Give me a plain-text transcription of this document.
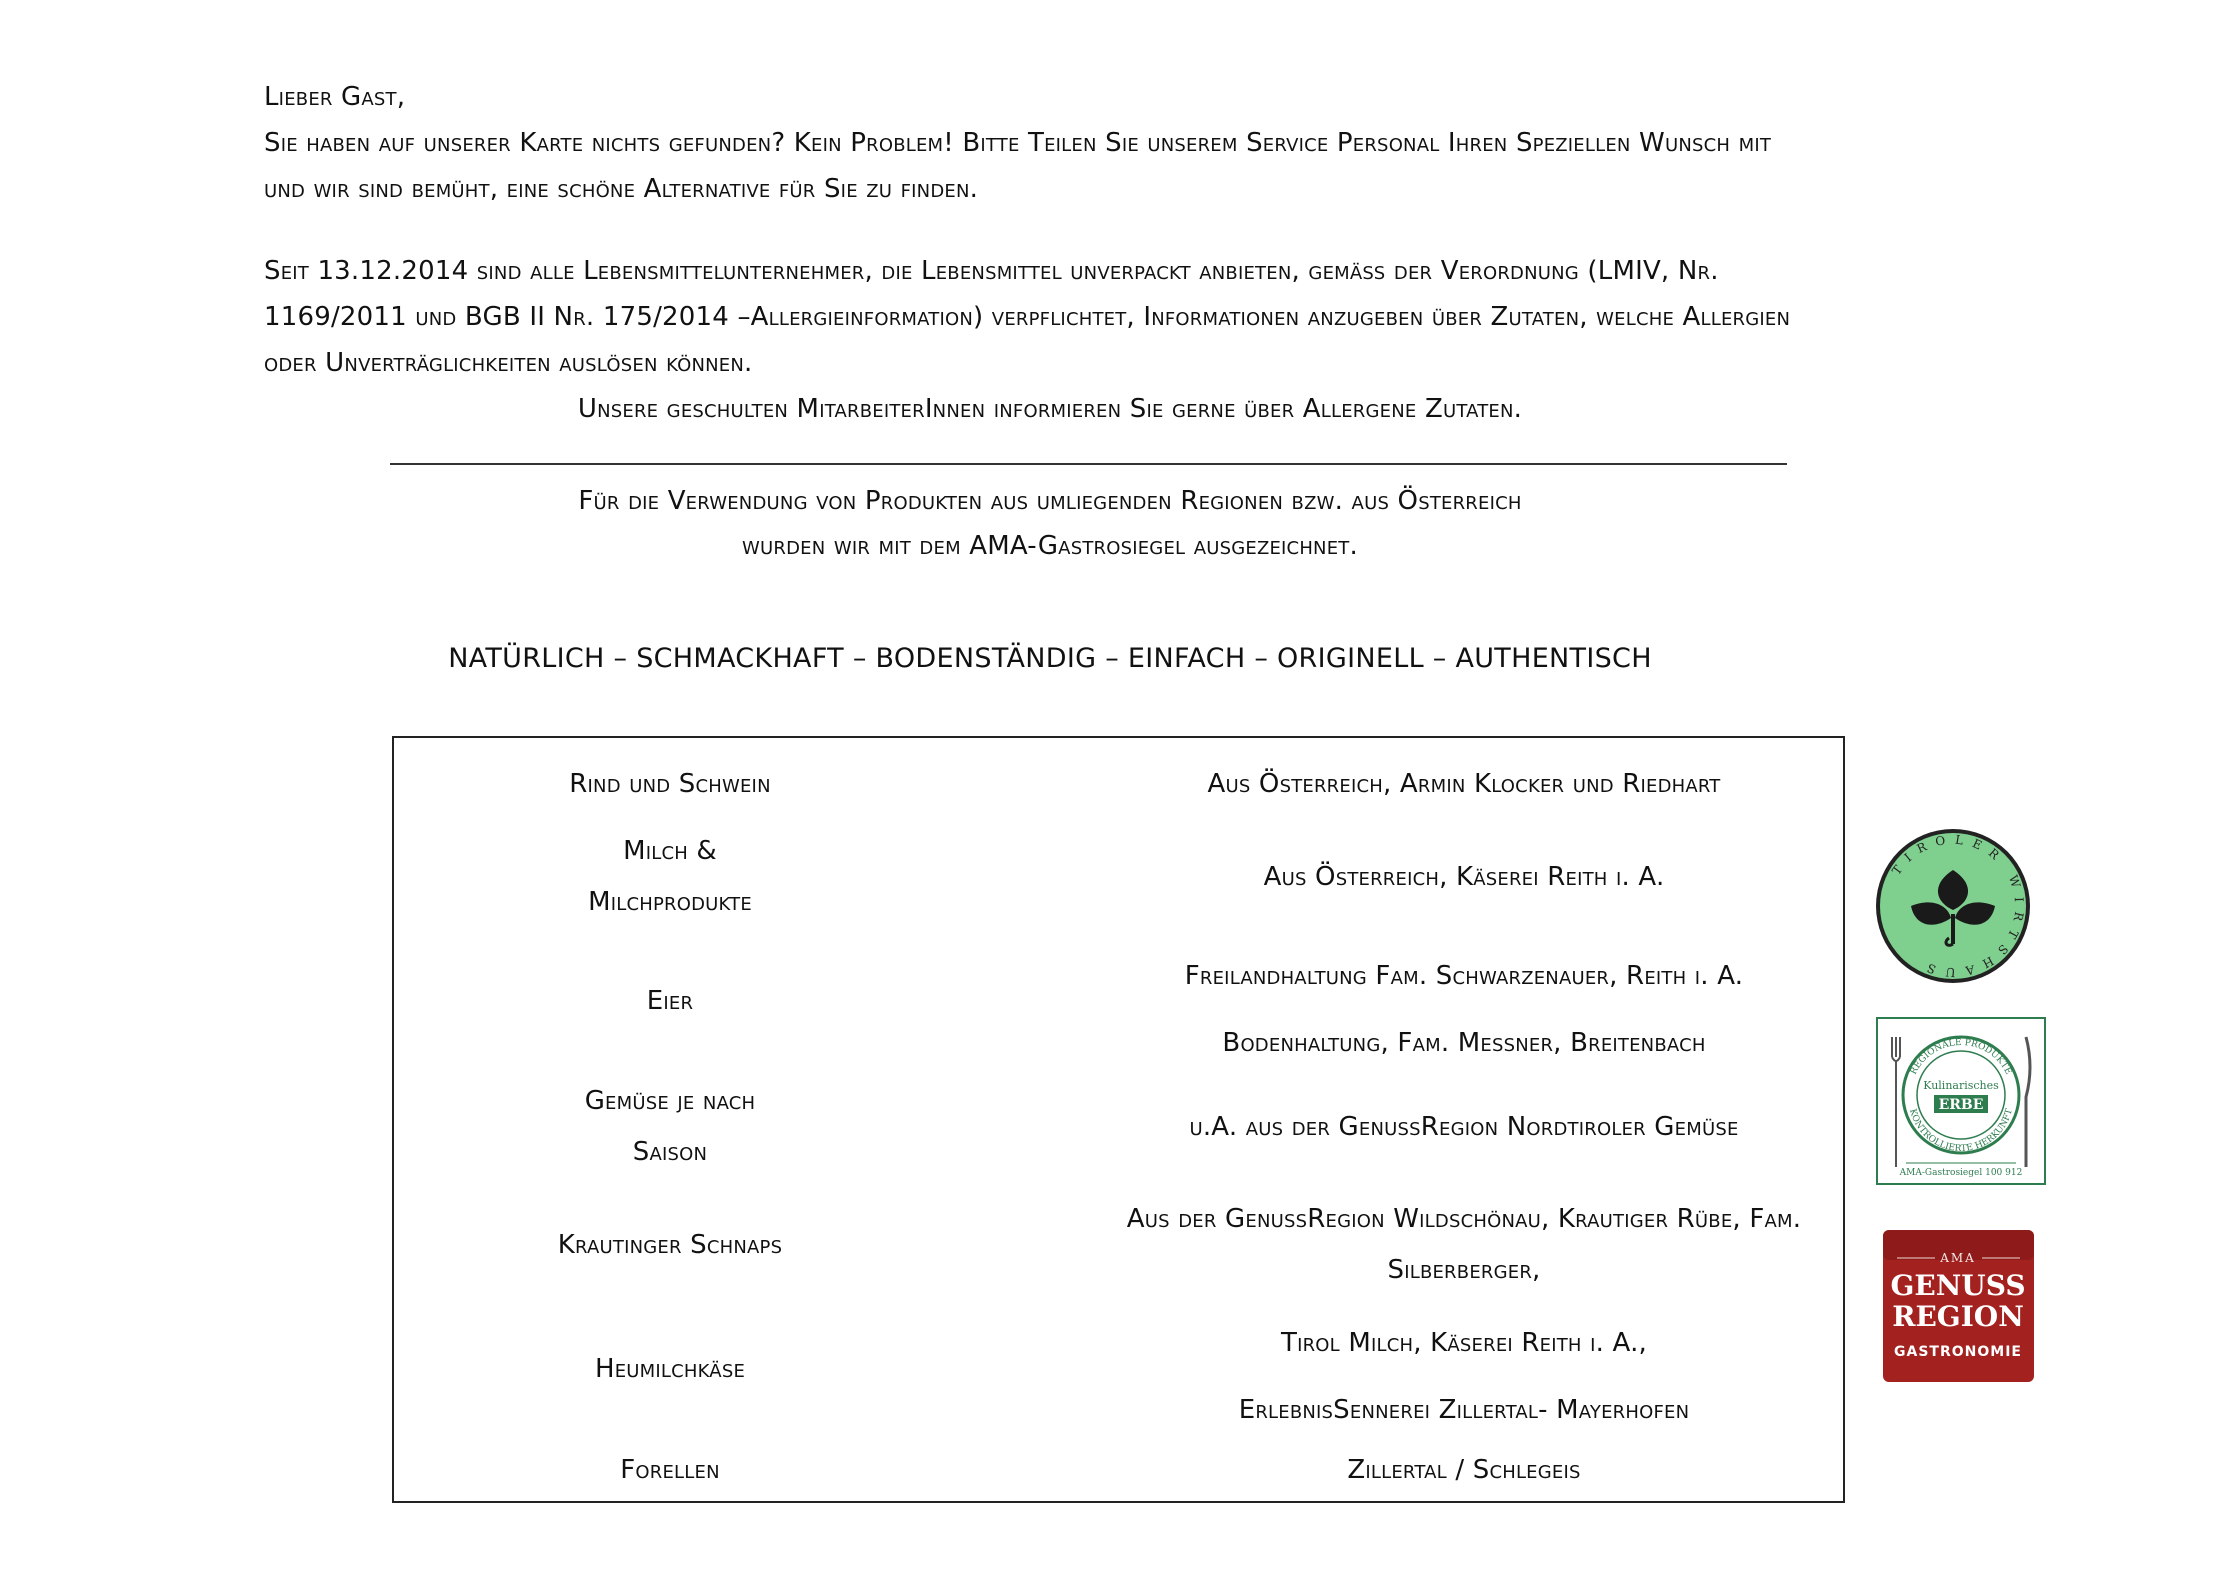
Lieber Gast,
Sie haben auf unserer Karte nichts gefunden? Kein Problem! Bitte Teilen Sie unserem Service Personal Ihren Speziellen Wunsch mit
und wir sind bemüht, eine schöne Alternative für Sie zu finden.
Seit 13.12.2014 sind alle Lebensmittelunternehmer, die Lebensmittel unverpackt anbieten, gemäß der Verordnung (LMIV, Nr.
1169/2011 und BGB II Nr. 175/2014 –Allergieinformation) verpflichtet, Informationen anzugeben über Zutaten, welche Allergien
oder Unverträglichkeiten auslösen können.
Unsere geschulten MitarbeiterInnen informieren Sie gerne über Allergene Zutaten.
Für die Verwendung von Produkten aus umliegenden Regionen bzw. aus Österreich
wurden wir mit dem AMA-Gastrosiegel ausgezeichnet.
NATÜRLICH – SCHMACKHAFT – BODENSTÄNDIG – EINFACH – ORIGINELL – AUTHENTISCH
Rind und Schwein	Aus Österreich, Armin Klocker und Riedhart
Milch &
Milchprodukte
Aus Österreich, Käserei Reith i. A.
Eier
Freilandhaltung Fam. Schwarzenauer, Reith i. A.
Bodenhaltung, Fam. Messner, Breitenbach
Gemüse je nach
Saison
u.A. aus der GenussRegion Nordtiroler Gemüse
Krautinger Schnaps
Aus der GenussRegion Wildschönau, Krautiger Rübe, Fam.
Silberberger,
Heumilchkäse
Tirol Milch, Käserei Reith i. A.,
ErlebnisSennerei Zillertal- Mayerhofen
Forellen	Zillertal / Schlegeis
TIROLER WIRTSHAUS
REGIONALE PRODUKTE
KONTROLLIERTE HERKUNFT
Kulinarisches
ERBE
AMA-Gastrosiegel 100 912
AMA
GENUSS
REGION
GASTRONOMIE
